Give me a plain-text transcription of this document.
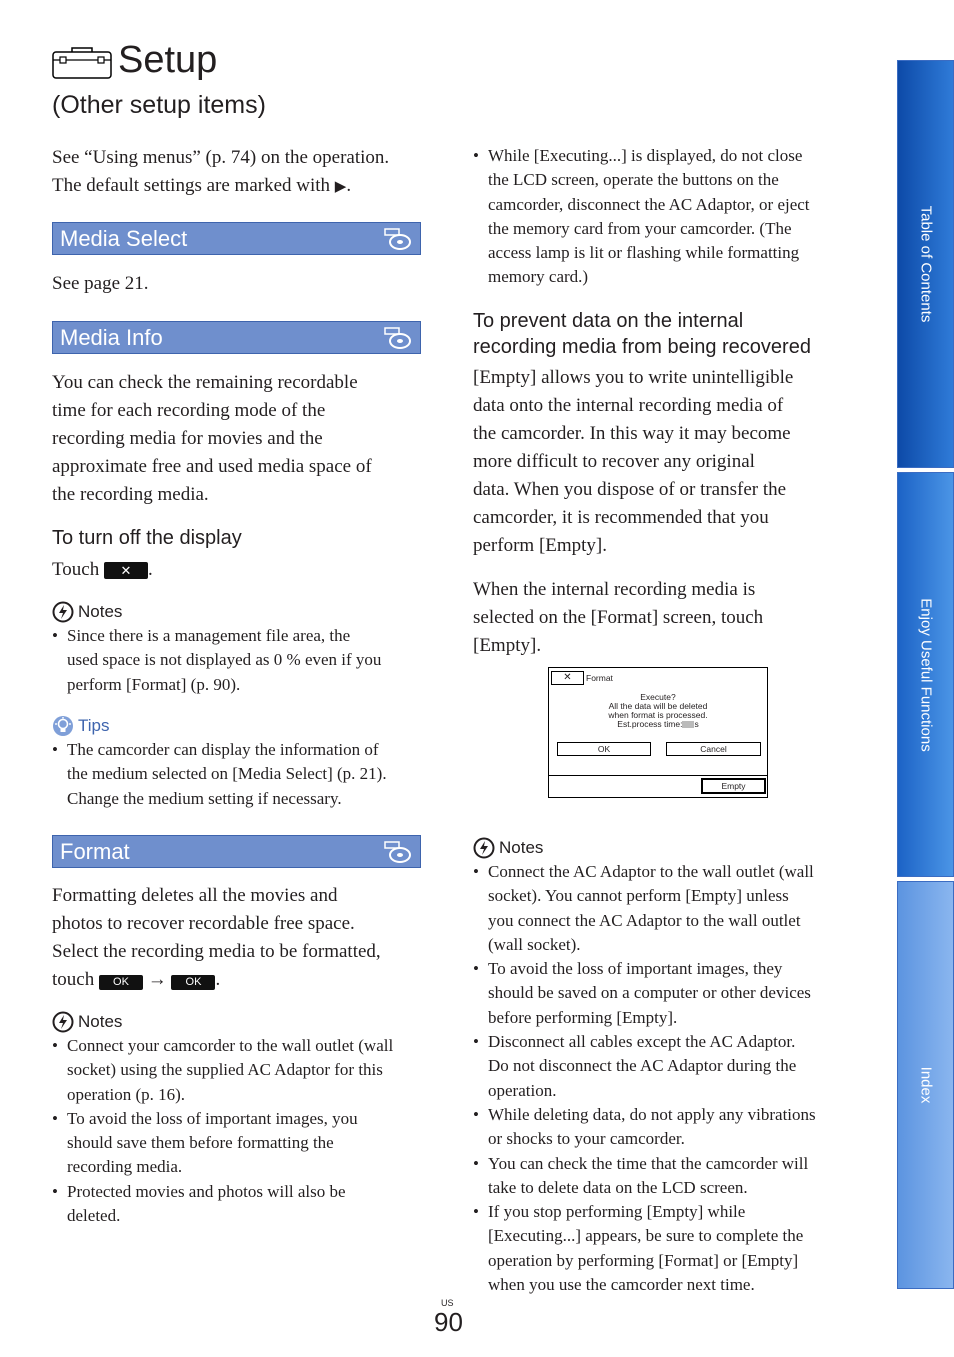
Setup
(Other setup items)
See “Using menus” (p. 74) on the operation.
The default settings are marked with ▶.
Media Select
See page 21.
Media Info
You can check the remaining recordable
time for each recording mode of the
recording media for movies and the
approximate free and used media space of
the recording media.
To turn off the display
Touch ✕ .
Notes
• Since there is a management file area, the
used space is not displayed as 0 % even if you
perform [Format] (p. 90).
Tips
• The camcorder can display the information of
the medium selected on [Media Select] (p. 21).
Change the medium setting if necessary.
Format
Formatting deletes all the movies and
photos to recover recordable free space.
Select the recording media to be formatted,
touch OK → OK .
Notes
• Connect your camcorder to the wall outlet (wall
socket) using the supplied AC Adaptor for this
operation (p. 16).
• To avoid the loss of important images, you
should save them before formatting the
recording media.
• Protected movies and photos will also be
deleted.
• While [Executing...] is displayed, do not close
the LCD screen, operate the buttons on the
camcorder, disconnect the AC Adaptor, or eject
the memory card from your camcorder. (The
access lamp is lit or flashing while formatting
memory card.)
To prevent data on the internal
recording media from being recovered
[Empty] allows you to write unintelligible
data onto the internal recording media of
the camcorder. In this way it may become
more difficult to recover any original
data. When you dispose of or transfer the
camcorder, it is recommended that you
perform [Empty].
When the internal recording media is
selected on the [Format] screen, touch
[Empty].
✕	Format
Execute?
All the data will be deleted
when format is processed.
Est.process time: s
OK	Cancel
Empty
Notes
• Connect the AC Adaptor to the wall outlet (wall
socket). You cannot perform [Empty] unless
you connect the AC Adaptor to the wall outlet
(wall socket).
• To avoid the loss of important images, they
should be saved on a computer or other devices
before performing [Empty].
• Disconnect all cables except the AC Adaptor.
Do not disconnect the AC Adaptor during the
operation.
• While deleting data, do not apply any vibrations
or shocks to your camcorder.
• You can check the time that the camcorder will
take to delete data on the LCD screen.
• If you stop performing [Empty] while
[Executing...] appears, be sure to complete the
operation by performing [Format] or [Empty]
when you use the camcorder next time.
Table of Contents
Enjoy Useful Functions
Index
US
90
